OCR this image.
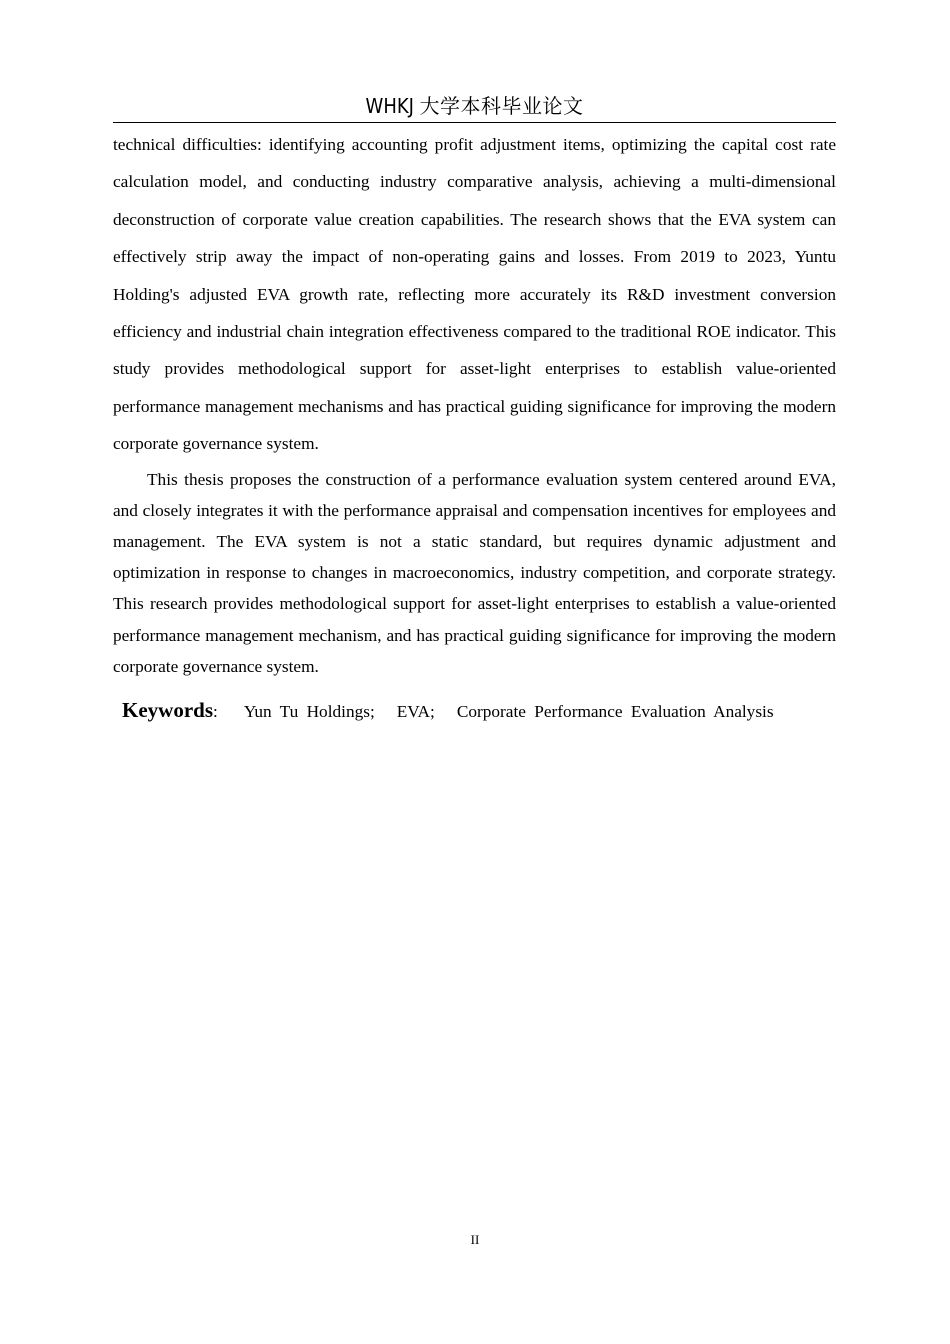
WHKJ 大学本科毕业论文

technical difficulties: identifying accounting profit adjustment items, optimizing the capital cost rate calculation model, and conducting industry comparative analysis, achieving a multi-dimensional deconstruction of corporate value creation capabilities. The research shows that the EVA system can effectively strip away the impact of non-operating gains and losses. From 2019 to 2023, Yuntu Holding's adjusted EVA growth rate, reflecting more accurately its R&D investment conversion efficiency and industrial chain integration effectiveness compared to the traditional ROE indicator. This study provides methodological support for asset-light enterprises to establish value-oriented performance management mechanisms and has practical guiding significance for improving the modern corporate governance system.

This thesis proposes the construction of a performance evaluation system centered around EVA, and closely integrates it with the performance appraisal and compensation incentives for employees and management. The EVA system is not a static standard, but requires dynamic adjustment and optimization in response to changes in macroeconomics, industry competition, and corporate strategy. This research provides methodological support for asset-light enterprises to establish a value-oriented performance management mechanism, and has practical guiding significance for improving the modern corporate governance system.

Keywords: Yun Tu Holdings; EVA; Corporate Performance Evaluation Analysis
II
